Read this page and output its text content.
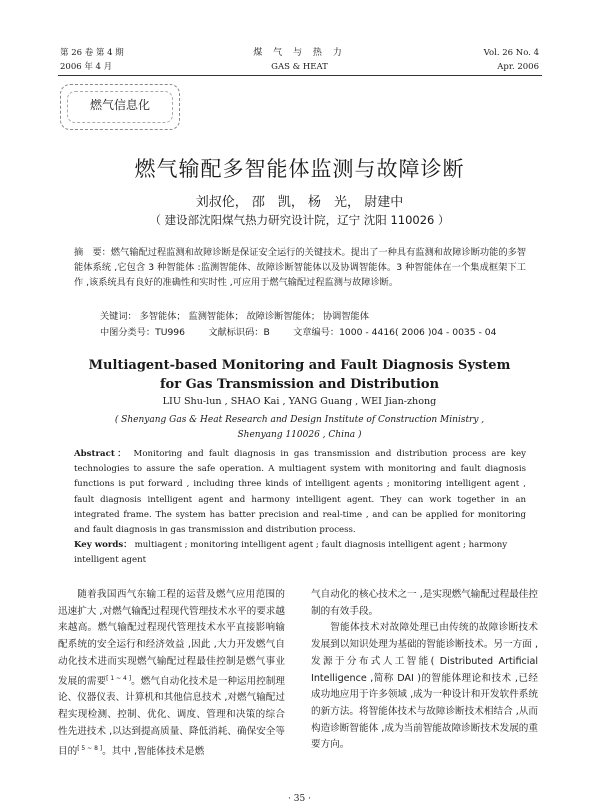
第 26 卷 第 4 期
2006 年 4 月
煤 气 与 热 力
GAS & HEAT
Vol. 26 No. 4
Apr. 2006
燃气信息化
燃气输配多智能体监测与故障诊断
刘叔伦， 邵　凯， 杨　光， 尉建中
（ 建设部沈阳煤气热力研究设计院，辽宁 沈阳 110026 ）

摘　要：燃气输配过程监测和故障诊断是保证安全运行的关键技术。提出了一种具有监测和故障诊断功能的多智能体系统 ,它包含 3 种智能体 :监测智能体、故障诊断智能体以及协调智能体。3 种智能体在一个集成框架下工作 ,该系统具有良好的准确性和实时性 ,可应用于燃气输配过程监测与故障诊断。

关键词： 多智能体； 监测智能体； 故障诊断智能体； 协调智能体
中图分类号：TU996        文献标识码：B        文章编号：1000 - 4416( 2006 )04 - 0035 - 04
Multiagent-based Monitoring and Fault Diagnosis System
for Gas Transmission and Distribution
LIU Shu-lun , SHAO Kai , YANG Guang , WEI Jian-zhong
( Shenyang Gas & Heat Research and Design Institute of Construction Ministry ,
Shenyang 110026 , China )
Abstract： Monitoring and fault diagnosis in gas transmission and distribution process are key technologies to assure the safe operation. A multiagent system with monitoring and fault diagnosis functions is put forward , including three kinds of intelligent agents ; monitoring intelligent agent , fault diagnosis intelligent agent and harmony intelligent agent. They can work together in an integrated frame. The system has batter precision and real-time , and can be applied for monitoring and fault diagnosis in gas transmission and distribution process.
Key words： multiagent ; monitoring intelligent agent ; fault diagnosis intelligent agent ; harmony intelligent agent

随着我国西气东输工程的运营及燃气应用范围的迅速扩大 ,对燃气输配过程现代管理技术水平的要求越来越高。燃气输配过程现代管理技术水平直接影响输配系统的安全运行和经济效益 ,因此 ,大力开发燃气自动化技术进而实现燃气输配过程最佳控制是燃气事业发展的需要[ 1 ~ 4 ]。燃气自动化技术是一种运用控制理论、仪器仪表、计算机和其他信息技术 ,对燃气输配过程实现检测、控制、优化、调度、管理和决策的综合性先进技术 ,以达到提高质量、降低消耗、确保安全等目的[ 5 ~ 8 ]。其中 ,智能体技术是燃

气自动化的核心技术之一 ,是实现燃气输配过程最佳控制的有效手段。

智能体技术对故障处理已由传统的故障诊断技术发展到以知识处理为基础的智能诊断技术。另一方面 ,发源于分布式人工智能( Distributed Artificial Intelligence ,简称 DAI )的智能体理论和技术 ,已经成功地应用于许多领域 ,成为一种设计和开发软件系统的新方法。将智能体技术与故障诊断技术相结合 ,从而构造诊断智能体 ,成为当前智能故障诊断技术发展的重要方向。

· 35 ·
